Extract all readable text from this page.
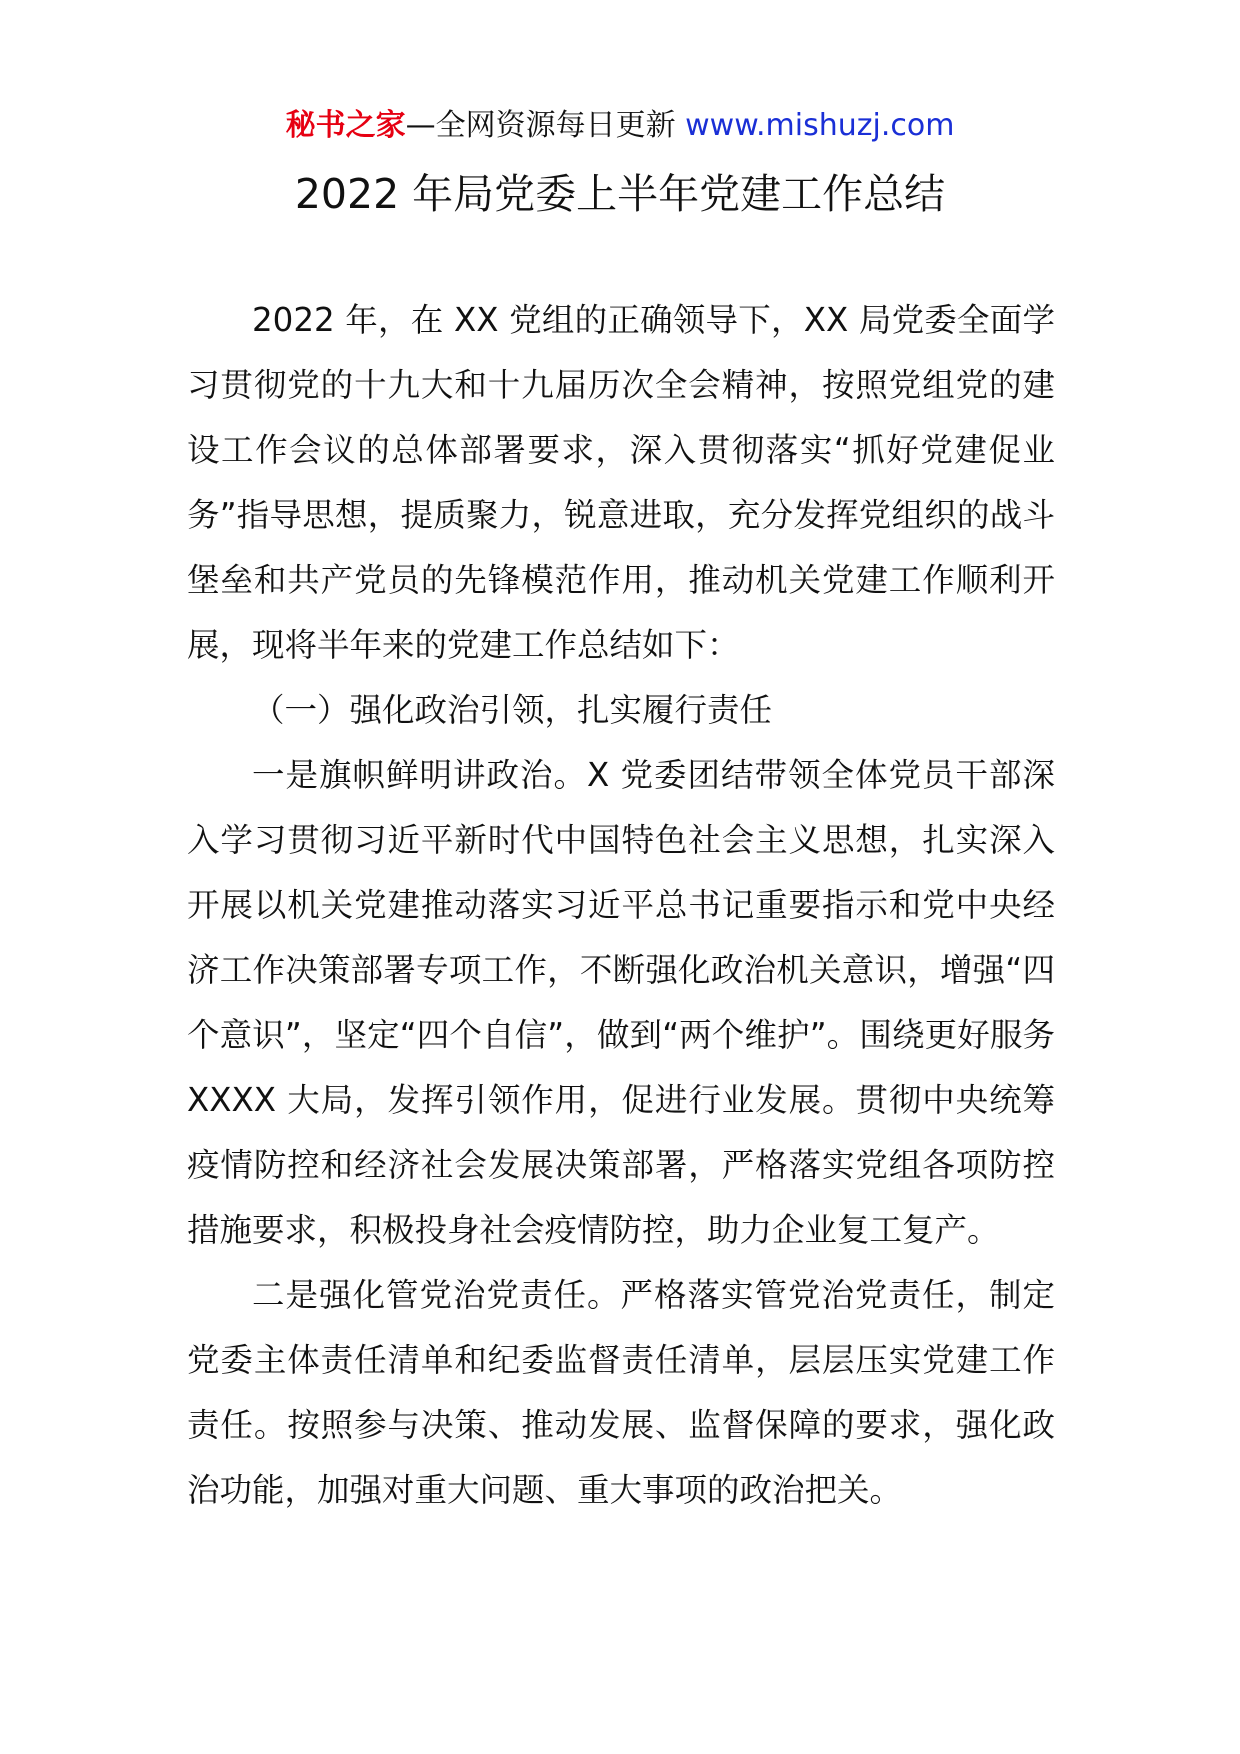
秘书之家—全网资源每日更新 www.mishuzj.com
2022 年局党委上半年党建工作总结

2022 年，在 XX 党组的正确领导下，XX 局党委全面学习贯彻党的十九大和十九届历次全会精神，按照党组党的建设工作会议的总体部署要求，深入贯彻落实“抓好党建促业务”指导思想，提质聚力，锐意进取，充分发挥党组织的战斗堡垒和共产党员的先锋模范作用，推动机关党建工作顺利开展，现将半年来的党建工作总结如下：

（一）强化政治引领，扎实履行责任

一是旗帜鲜明讲政治。X 党委团结带领全体党员干部深入学习贯彻习近平新时代中国特色社会主义思想，扎实深入开展以机关党建推动落实习近平总书记重要指示和党中央经济工作决策部署专项工作，不断强化政治机关意识，增强“四个意识”，坚定“四个自信”，做到“两个维护”。围绕更好服务 XXXX 大局，发挥引领作用，促进行业发展。贯彻中央统筹疫情防控和经济社会发展决策部署，严格落实党组各项防控措施要求，积极投身社会疫情防控，助力企业复工复产。

二是强化管党治党责任。严格落实管党治党责任，制定党委主体责任清单和纪委监督责任清单，层层压实党建工作责任。按照参与决策、推动发展、监督保障的要求，强化政治功能，加强对重大问题、重大事项的政治把关。
